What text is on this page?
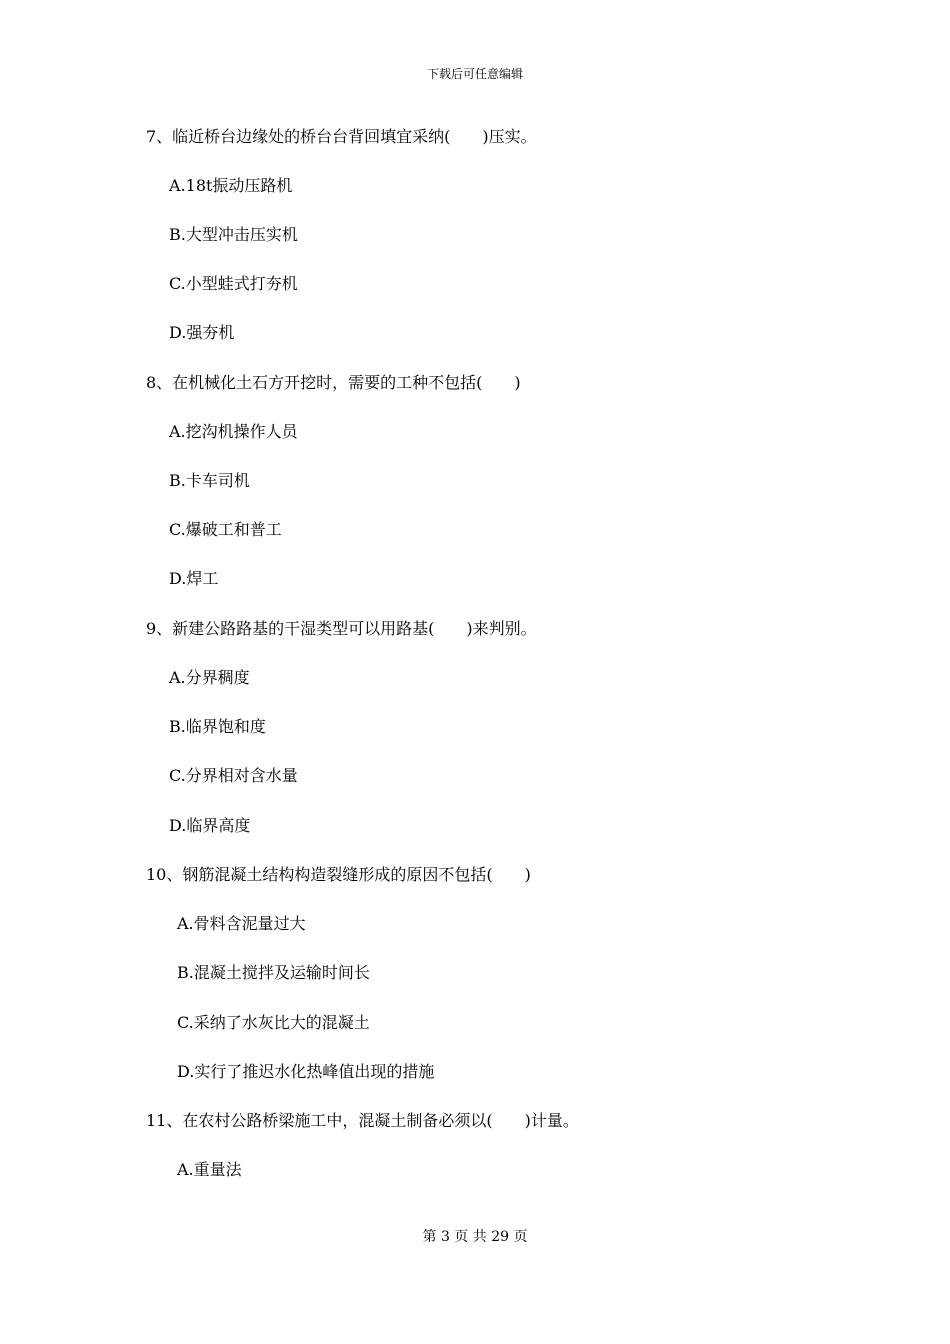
下载后可任意编辑
7、临近桥台边缘处的桥台台背回填宜采纳(　　)压实。
A.18t振动压路机
B.大型冲击压实机
C.小型蛙式打夯机
D.强夯机
8、在机械化土石方开挖时，需要的工种不包括(　　)
A.挖沟机操作人员
B.卡车司机
C.爆破工和普工
D.焊工
9、新建公路路基的干湿类型可以用路基(　　)来判别。
A.分界稠度
B.临界饱和度
C.分界相对含水量
D.临界高度
10、钢筋混凝土结构构造裂缝形成的原因不包括(　　)
A.骨料含泥量过大
B.混凝土搅拌及运输时间长
C.采纳了水灰比大的混凝土
D.实行了推迟水化热峰值出现的措施
11、在农村公路桥梁施工中，混凝土制备必须以(　　)计量。
A.重量法
第 3 页 共 29 页
